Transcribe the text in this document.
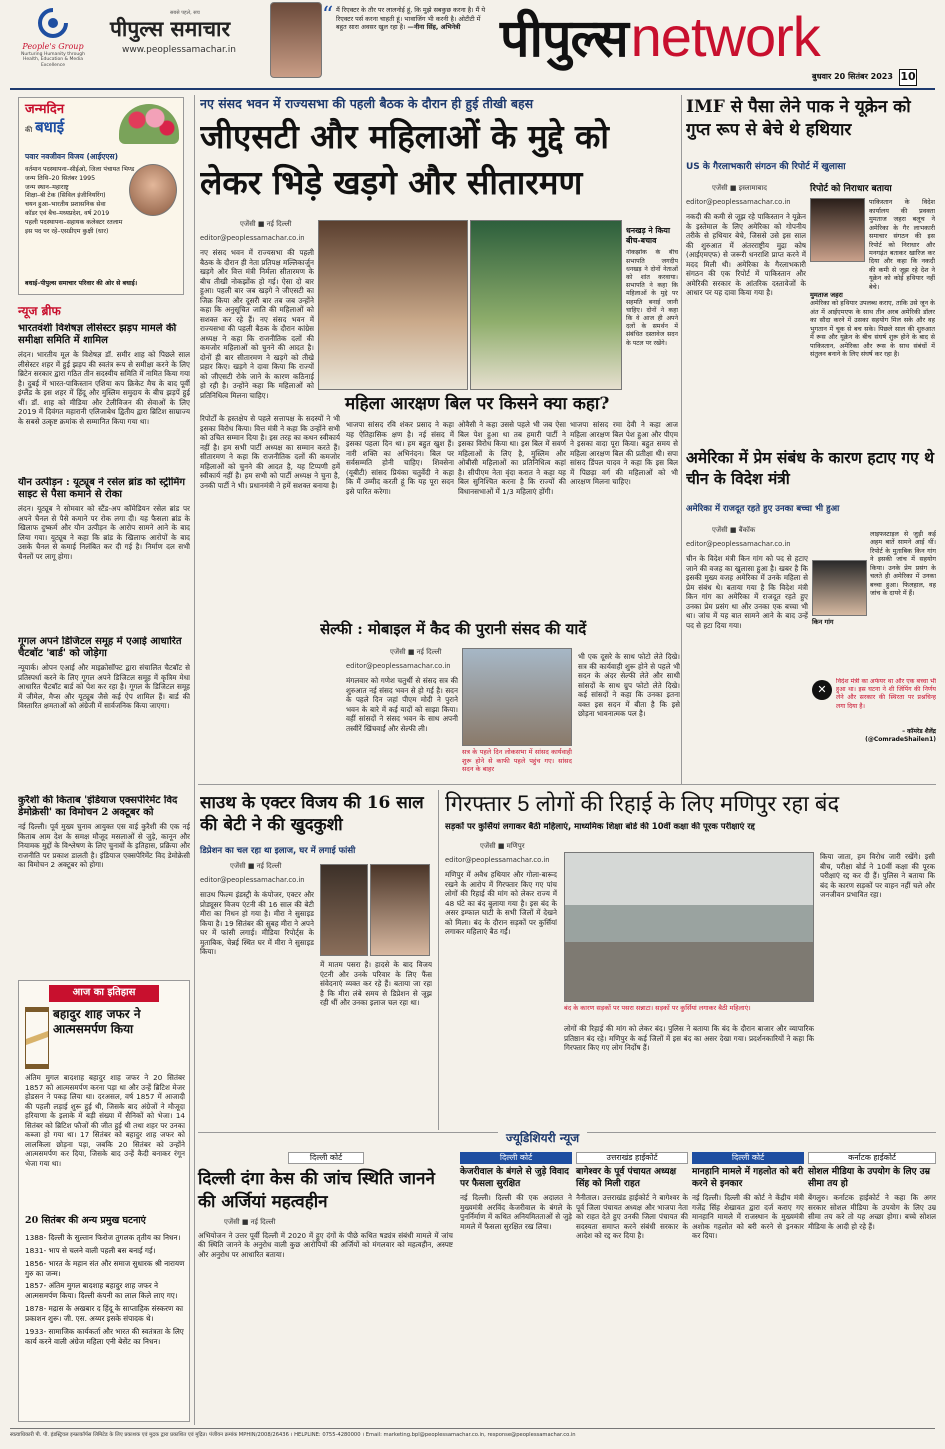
People's Group
Nurturing Humanity through Health, Education & Media Excellence
सबसे पहले, सच
पीपुल्स समाचार
www.peoplessamachar.in
“ मैं रिएक्टर के तौर पर लालनोई हूं, कि मुझे सबकुछ करना है। मैं ये रिएक्टर पर्स करना चाहती हूं। भावाजिंग भी करनी है। ओटीटी में बहुत सारा अवसर खुल रहा है। —नीना सिंह, अभिनेत्री पीपुल्स network
बुधवार 20 सितंबर 2023 10
जन्मदिन
की बधाई
पवार नवजीवन विजय (आईएएस)
वर्तमान पदस्थापना–सीईओ, जिला पंचायत भिण्ड
जन्म तिथि–20 सितंबर 1995
जन्म स्थान–महाराष्ट्र
शिक्षा–बी टेक (सिविल इंजीनियरिंग)
चयन हुआ–भारतीय प्रशासनिक सेवा
कॉडर एवं बैच–मध्यप्रदेश, वर्ष 2019
पहली पदस्थापना–सहायक कलेक्टर रतलाम
इस पद पर रहे–एसडीएम कुक्षी (धार)
बधाई–पीपुल्स समाचार परिवार की ओर से बधाई।
न्यूज ब्रीफ
भारतवंशी विशेषज्ञ लीसेस्टर झड़प मामले की समीक्षा समिति में शामिल
लंदन। भारतीय मूल के विशेषज्ञ डॉ. समीर शाह को पिछले साल लीसेस्टर शहर में हुई झड़प की स्वतंत्र रूप से समीक्षा करने के लिए ब्रिटेन सरकार द्वारा गठित तीन सदस्यीय समिति में नामित किया गया है। दुबई में भारत-पाकिस्तान एशिया कप क्रिकेट मैच के बाद पूर्वी इंग्लैंड के इस शहर में हिंदू और मुस्लिम समुदाय के बीच झड़पें हुई थीं। डॉ. शाह को मीडिया और टेलीविजन की सेवाओं के लिए 2019 में दिवंगत महारानी एलिजाबेथ द्वितीय द्वारा ब्रिटिश साम्राज्य के सबसे उत्कृष्ट क्रमांक से सम्मानित किया गया था।
यौन उत्पीड़न : यूट्यूब ने रसेल ब्रांड को स्ट्रीमिंग साइट से पैसा कमाने से रोका
लंदन। यूट्यूब ने सोमवार को स्टैंड-अप कॉमेडियन रसेल ब्रांड पर अपने चैनल से पैसे कमाने पर रोक लगा दी। यह फैसला ब्रांड के खिलाफ दुष्कर्म और यौन उत्पीड़न के आरोप सामने आने के बाद लिया गया। यूट्यूब ने कहा कि ब्रांड के खिलाफ आरोपों के बाद उसके चैनल से कमाई निलंबित कर दी गई है। निर्माण दल सभी चैनलों पर लागू होगा।
गूगल अपने डिजिटल समूह में एआई आधारित चैटबॉट 'बार्ड' को जोड़ेगा
न्यूयार्क। ओपन एआई और माइक्रोसॉफ्ट द्वारा संचालित चैटबॉट से प्रतिस्पर्धा करने के लिए गूगल अपने डिजिटल समूह में कृत्रिम मेधा आधारित चैटबॉट बार्ड को पेश कर रहा है। गूगल के डिजिटल समूह में जीमेल, मैप्स और यूट्यूब जैसे कई ऐप शामिल हैं। बार्ड की विस्तारित क्षमताओं को अंग्रेजी में सार्वजनिक किया जाएगा।
कुरैशी की किताब 'इंडियाज एक्सपेरिमेंट विद डेमोक्रेसी' का विमोचन 2 अक्टूबर को
नई दिल्ली। पूर्व मुख्य चुनाव आयुक्त एस वाई कुरैशी की एक नई किताब आम देश के समक्ष मौजूद मसलाओं से जुड़े, कानून और नियामक मुद्दों के विश्लेषण के लिए चुनावों के इतिहास, प्रक्रिया और राजनीति पर प्रकाश डालती है। इंडियाज एक्सपेरिमेंट विद डेमोक्रेसी का विमोचन 2 अक्टूबर को होगा।
आज का इतिहास
बहादुर शाह जफर ने आत्मसमर्पण किया
अंतिम मुगल बादशाह बहादुर शाह जफर ने 20 सितंबर 1857 को आत्मसमर्पण करना पड़ा था और उन्हें ब्रिटिश मेजर होडसन ने पकड़ लिया था। दरअसल, वर्ष 1857 में आजादी की पहली लड़ाई शुरू हुई थी, जिसके बाद अंग्रेजों ने मौजूदा हरियाणा के इलाके में बड़ी संख्या में सैनिकों को भेजा। 14 सितंबर को ब्रिटिश फौजों की जीत हुई थी तथा शहर पर उनका कब्जा हो गया था। 17 सितंबर को बहादुर शाह जफर को लालकिला छोड़ना पड़ा, जबकि 20 सितंबर को उन्होंने आत्मसमर्पण कर दिया, जिसके बाद उन्हें कैदी बनाकर रंगून भेजा गया था।
20 सितंबर की अन्य प्रमुख घटनाएं
1388- दिल्ली के सुल्तान फिरोज तुगलक तृतीय का निधन।
1831- भाप से चलने वाली पहली बस बनाई गई।
1856- भारत के महान संत और समाज सुधारक श्री नारायण गुरु का जन्म।
1857- अंतिम मुगल बादशाह बहादुर शाह जफर ने आत्मसमर्पण किया। दिल्ली कंपनी का लाल किले लाए गए।
1878- मद्रास के अखबार द हिंदू के साप्ताहिक संस्करण का प्रकाशन शुरू। जी. एस. अय्यर इसके संपादक थे।
1933- सामाजिक कार्यकर्ता और भारत की स्वतंत्रता के लिए कार्य करने वाली अंग्रेज महिला एनी बेसेंट का निधन।
नए संसद भवन में राज्यसभा की पहली बैठक के दौरान ही हुई तीखी बहस
जीएसटी और महिलाओं के मुद्दे को लेकर भिड़े खड़गे और सीतारमण
एजेंसी ■ नई दिल्ली
editor@peoplessamachar.co.in
नए संसद भवन में राज्यसभा की पहली बैठक के दौरान ही नेता प्रतिपक्ष मल्लिकार्जुन खड़गे और वित्त मंत्री निर्मला सीतारमण के बीच तीखी नोकझोंक हो गई। ऐसा दो बार हुआ। पहली बार जब खड़गे ने जीएसटी का जिक्र किया और दूसरी बार तब जब उन्होंने कहा कि अनुसूचित जाति की महिलाओं को सशक्त कर रहे हैं। नए संसद भवन में राज्यसभा की पहली बैठक के दौरान कांग्रेस अध्यक्ष ने कहा कि राजनीतिक दलों की कमजोर महिलाओं को चुनने की आदत है। दोनों ही बार सीतारमण ने खड़गे को तीखे प्रहार किए। खड़गे ने दावा किया कि राज्यों को जीएसटी रोके जाने के कारण कठिनाई हो रही है। उन्होंने कहा कि महिलाओं को प्रतिनिधित्व मिलना चाहिए।
धनखड़ ने किया बीच-बचाव
नोकझोंक के बीच सभापति जगदीप धनखड़ ने दोनों नेताओं को शांत करवाया। सभापति ने कहा कि महिलाओं के मुद्दे पर सहमति बनाई जानी चाहिए। दोनों ने कहा कि वे आज ही अपने दलों के समर्थन में संबंधित दस्तावेज सदन के पटल पर रखेंगे।
महिला आरक्षण बिल पर किसने क्या कहा?
भाजपा सांसद रवि शंकर प्रसाद ने कहा यह ऐतिहासिक क्षण है। नई संसद में इसका पहला दिन था। हम बहुत खुश हैं। नारी शक्ति का अभिनंदन। बिल पर सर्वसम्मति होनी चाहिए। शिवसेना (यूबीटी) सांसद प्रियंका चतुर्वेदी ने कहा कि मैं उम्मीद करती हूं कि यह पूरा सदन इसे पारित करेगा।
ओवैसी ने कहा उससे पहले भी जब ऐसा बिल पेश हुआ था तब हमारी पार्टी ने इसका विरोध किया था। इस बिल में सवर्ण महिलाओं के लिए है, मुस्लिम और ओबीसी महिलाओं का प्रतिनिधित्व कहां है। सीपीएम नेता वृंदा करात ने कहा यह बिल सुनिश्चित करना है कि राज्यों की विधानसभाओं में 1/3 महिलाएं होंगी।
भाजपा सांसद रमा देवी ने कहा आज महिला आरक्षण बिल पेश हुआ और पीएम ने इसका वादा पूरा किया। बहुत समय से महिला आरक्षण बिल की प्रतीक्षा थी। सपा सांसद डिंपल यादव ने कहा कि इस बिल में पिछड़ा वर्ग की महिलाओं को भी आरक्षण मिलना चाहिए।
रिपोर्टों के हस्तक्षेप से पहले सत्तापक्ष के सदस्यों ने भी इसका विरोध किया। वित्त मंत्री ने कहा कि उन्होंने सभी को उचित सम्मान दिया है। इस तरह का कथन स्वीकार्य नहीं है। हम सभी पार्टी अध्यक्ष का सम्मान करते हैं। सीतारमण ने कहा कि राजनीतिक दलों की कमजोर महिलाओं को चुनने की आदत है, यह टिप्पणी हमें स्वीकार्य नहीं है। हम सभी को पार्टी अध्यक्ष ने चुना है, उनकी पार्टी ने भी। प्रधानमंत्री ने हमें सशक्त बनाया है।
सेल्फी : मोबाइल में कैद की पुरानी संसद की यादें
एजेंसी ■ नई दिल्ली
editor@peoplessamachar.co.in
मंगलवार को गणेश चतुर्थी से संसद सत्र की शुरुआत नई संसद भवन से हो गई है। सदन के पहले दिन जहां पीएम मोदी ने पुराने भवन के बारे में कई यादों को साझा किया। वहीं सांसदों ने संसद भवन के साथ अपनी तस्वीरें खिंचवाईं और सेल्फी ली।
सत्र के पहले दिन लोकसभा में सांसद कार्यवाही शुरू होने से काफी पहले पहुंच गए। सांसद सदन के बाहर
भी एक दूसरे के साथ फोटो लेते दिखे। सत्र की कार्यवाही शुरू होने से पहले भी सदन के अंदर सेल्फी लेते और साथी सांसदों के साथ ग्रुप फोटो लेते दिखे। कई सांसदों ने कहा कि उनका इतना वक्त इस सदन में बीता है कि इसे छोड़ना भावनात्मक पल है।
साउथ के एक्टर विजय की 16 साल की बेटी ने की खुदकुशी
डिप्रेशन का चल रहा था इलाज, घर में लगाई फांसी
एजेंसी ■ नई दिल्ली
editor@peoplessamachar.co.in
साउथ फिल्म इंडस्ट्री के कंपोजर, एक्टर और प्रोड्यूसर विजय एंटनी की 16 साल की बेटी मीरा का निधन हो गया है। मीरा ने सुसाइड किया है। 19 सितंबर की सुबह मीरा ने अपने घर में फांसी लगाई। मीडिया रिपोर्ट्स के मुताबिक, चेन्नई स्थित घर में मीरा ने सुसाइड किया।
में मातम पसरा है। हादसे के बाद विजय एंटनी और उनके परिवार के लिए फैंस संवेदनाएं व्यक्त कर रहे हैं। बताया जा रहा है कि मीरा लंबे समय से डिप्रेशन से जूझ रही थीं और उनका इलाज चल रहा था।
गिरफ्तार 5 लोगों की रिहाई के लिए मणिपुर रहा बंद
सड़कों पर कुर्सियां लगाकर बैठी महिलाएं, माध्यमिक शिक्षा बोर्ड की 10वीं कक्षा की पूरक परीक्षाएं रद्द
एजेंसी ■ मणिपुर
editor@peoplessamachar.co.in
मणिपुर में अवैध हथियार और गोला-बारूद रखने के आरोप में गिरफ्तार किए गए पांच लोगों की रिहाई की मांग को लेकर राज्य में 48 घंटे का बंद बुलाया गया है। इस बंद के असर इम्फाल घाटी के सभी जिलों में देखने को मिला। बंद के दौरान सड़कों पर कुर्सियां लगाकर महिलाएं बैठ गईं।
बंद के कारण सड़कों पर पसरा सन्नाटा। सड़कों पर कुर्सियां लगाकर बैठी महिलाएं।
लोगों की रिहाई की मांग को लेकर बंद। पुलिस ने बताया कि बंद के दौरान बाजार और व्यापारिक प्रतिष्ठान बंद रहे। मणिपुर के कई जिलों में इस बंद का असर देखा गया। प्रदर्शनकारियों ने कहा कि गिरफ्तार किए गए लोग निर्दोष हैं।
किया जाता, हम विरोध जारी रखेंगे। इसी बीच, परीक्षा बोर्ड ने 10वीं कक्षा की पूरक परीक्षाएं रद्द कर दी हैं। पुलिस ने बताया कि बंद के कारण सड़कों पर वाहन नहीं चले और जनजीवन प्रभावित रहा।
IMF से पैसा लेने पाक ने यूक्रेन को गुप्त रूप से बेचे थे हथियार
US के गैरलाभकारी संगठन की रिपोर्ट में खुलासा
एजेंसी ■ इस्लामाबाद
editor@peoplessamachar.co.in
नकदी की कमी से जूझ रहे पाकिस्तान ने यूक्रेन के इस्तेमाल के लिए अमेरिका को गोपनीय तरीके से हथियार बेचे, जिससे उसे इस साल की शुरुआत में अंतरराष्ट्रीय मुद्रा कोष (आईएमएफ) से जरूरी धनराशि प्राप्त करने में मदद मिली थी। अमेरिका के गैरलाभकारी संगठन की एक रिपोर्ट में पाकिस्तान और अमेरिकी सरकार के आंतरिक दस्तावेजों के आधार पर यह दावा किया गया है।
रिपोर्ट को निराधार बताया
पाकिस्तान के विदेश कार्यालय की प्रवक्ता मुमताज जहरा बलूच ने अमेरिका के गैर लाभकारी समाचार संगठन की इस रिपोर्ट को निराधार और मनगढ़ंत बताकर खारिज कर दिया और कहा कि नकदी की कमी से जूझ रहे देश ने यूक्रेन को कोई हथियार नहीं बेचे।
मुमताज जहरा
अमेरिका को हथियार उपलब्ध कराए, ताकि उसे जून के अंत में आईएमएफ के साथ तीन अरब अमेरिकी डॉलर का सौदा करने में उसका सहयोग मिल सके और वह भुगतान में चूक से बच सके। पिछले साल की शुरुआत में रूस और यूक्रेन के बीच संघर्ष शुरू होने के बाद से पाकिस्तान, अमेरिका और रूस के साथ संबंधों में संतुलन बनाने के लिए संघर्ष कर रहा है।
अमेरिका में प्रेम संबंध के कारण हटाए गए थे चीन के विदेश मंत्री
अमेरिका में राजदूत रहते हुए उनका बच्चा भी हुआ
एजेंसी ■ बैंकॉक
editor@peoplessamachar.co.in
चीन के विदेश मंत्री किन गांग को पद से हटाए जाने की वजह का खुलासा हुआ है। खबर है कि इसकी मुख्य वजह अमेरिका में उनके महिला से प्रेम संबंध थे। बताया गया है कि विदेश मंत्री किन गांग का अमेरिका में राजदूत रहते हुए उनका प्रेम प्रसंग था और उनका एक बच्चा भी था। जांच में यह बात सामने आने के बाद उन्हें पद से हटा दिया गया।	किन गांग
लाइफस्टाइल से जुड़ी कई अहम बातें सामने आई थीं। रिपोर्ट के मुताबिक किन गांग ने इसकी जांच में सहयोग किया। उनके प्रेम प्रसंग के चलते ही अमेरिका में उनका बच्चा हुआ। फिलहाल, वह जांच के दायरे में हैं।
✕
विदेश मंत्री का अफेयर था और एक बच्चा भी हुआ था। इस घटना ने शी जिंपिंग की निर्णय लेने और सरकार की स्थिरता पर प्रश्नचिन्ह लगा दिया है।
– कॉमरेड शैलेंद्र (@ComradeShailen1)
ज्यूडिशियरी न्यूज
दिल्ली कोर्ट
दिल्ली दंगा केस की जांच स्थिति जानने की अर्जियां महत्वहीन
एजेंसी ■ नई दिल्ली
अभियोजन ने उत्तर पूर्वी दिल्ली में 2020 में हुए दंगों के पीछे कथित षड्यंत्र संबंधी मामले में जांच की स्थिति जानने के अनुरोध वाली कुछ आरोपियों की अर्जियों को मंगलवार को महत्वहीन, अस्पष्ट और अनुरोध पर आधारित बताया।
दिल्ली कोर्ट
केजरीवाल के बंगले से जुड़े विवाद पर फैसला सुरक्षित
नई दिल्ली। दिल्ली की एक अदालत ने मुख्यमंत्री अरविंद केजरीवाल के बंगले के पुनर्निर्माण में कथित अनियमितताओं से जुड़े मामले में फैसला सुरक्षित रख लिया।
उत्तराखंड हाईकोर्ट
बागेश्वर के पूर्व पंचायत अध्यक्ष सिंह को मिली राहत
नैनीताल। उत्तराखंड हाईकोर्ट ने बागेश्वर के पूर्व जिला पंचायत अध्यक्ष और भाजपा नेता को राहत देते हुए उनकी जिला पंचायत की सदस्यता समाप्त करने संबंधी सरकार के आदेश को रद्द कर दिया है।
दिल्ली कोर्ट
मानहानि मामले में गहलोत को बरी करने से इनकार
नई दिल्ली। दिल्ली की कोर्ट ने केंद्रीय मंत्री गजेंद्र सिंह शेखावत द्वारा दर्ज कराए गए मानहानि मामले में राजस्थान के मुख्यमंत्री अशोक गहलोत को बरी करने से इनकार कर दिया।
कर्नाटक हाईकोर्ट
सोशल मीडिया के उपयोग के लिए उम्र सीमा तय हो
बेंगलुरु। कर्नाटक हाईकोर्ट ने कहा कि अगर सरकार सोशल मीडिया के उपयोग के लिए उम्र सीमा तय करे तो यह अच्छा होगा। बच्चे सोशल मीडिया के आदी हो रहे हैं।
स्वत्वाधिकारी पी. पी. इंडस्ट्रियल इन्फ्राकॉर्पस लिमिटेड के लिए प्रकाशक एवं मुद्रक द्वारा प्रकाशित एवं मुद्रित। पंजीयन क्रमांक MPHIN/2008/26436 । HELPLINE: 0755-4280000 । Email: marketing.bpl@peoplessamachar.co.in, response@peoplessamachar.co.in
